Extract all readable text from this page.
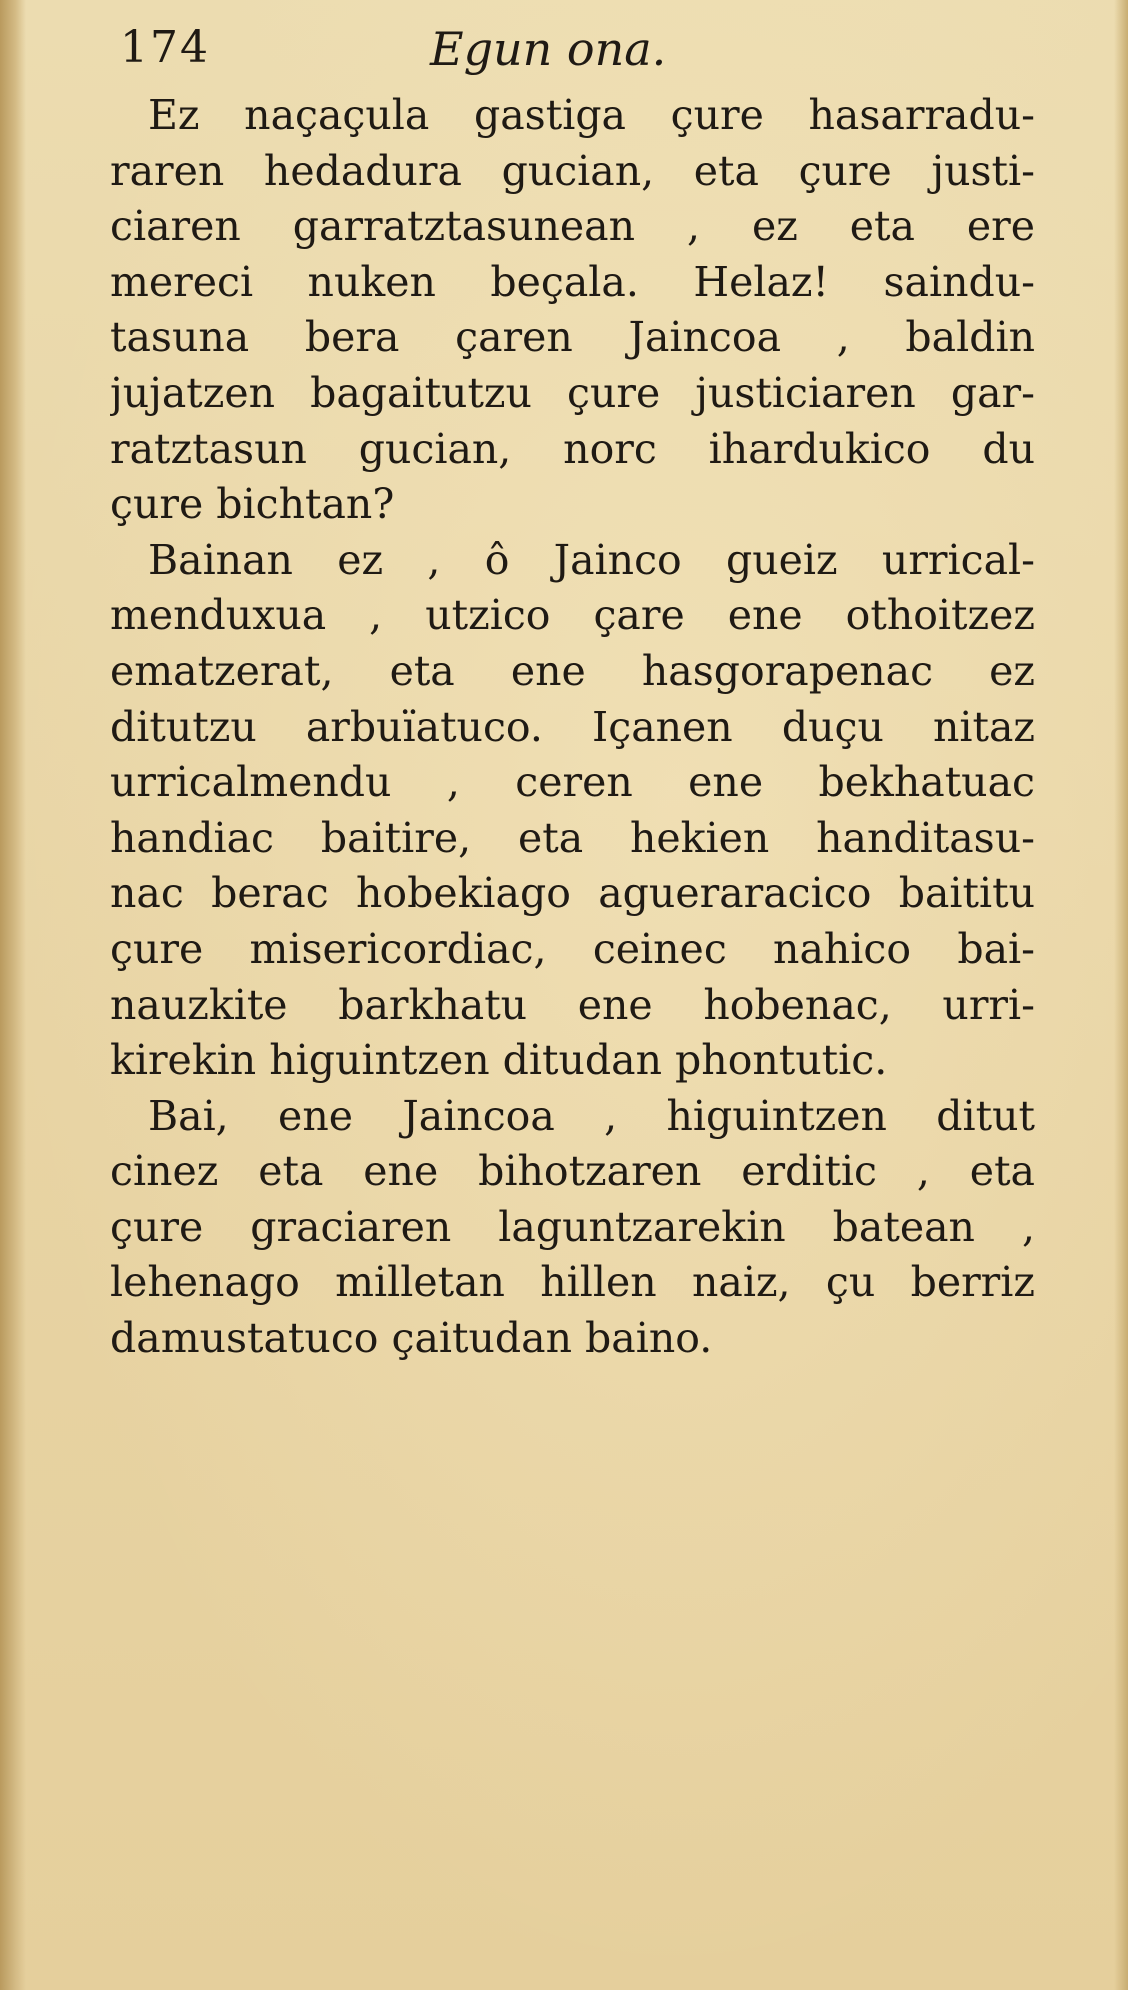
174	Egun ona.
Ez naçaçula gastiga çure hasarradu-
raren hedadura gucian, eta çure justi-
ciaren garratztasunean , ez eta ere
mereci nuken beçala. Helaz! saindu-
tasuna bera çaren Jaincoa , baldin
jujatzen bagaitutzu çure justiciaren gar-
ratztasun gucian, norc ihardukico du
çure bichtan?
Bainan ez , ô Jainco gueiz urrical-
menduxua , utzico çare ene othoitzez
ematzerat, eta ene hasgorapenac ez
ditutzu arbuïatuco. Içanen duçu nitaz
urricalmendu , ceren ene bekhatuac
handiac baitire, eta hekien handitasu-
nac berac hobekiago agueraracico baititu
çure misericordiac, ceinec nahico bai-
nauzkite barkhatu ene hobenac, urri-
kirekin higuintzen ditudan phontutic.
Bai, ene Jaincoa , higuintzen ditut
cinez eta ene bihotzaren erditic , eta
çure graciaren laguntzarekin batean ,
lehenago milletan hillen naiz, çu berriz
damustatuco çaitudan baino.
